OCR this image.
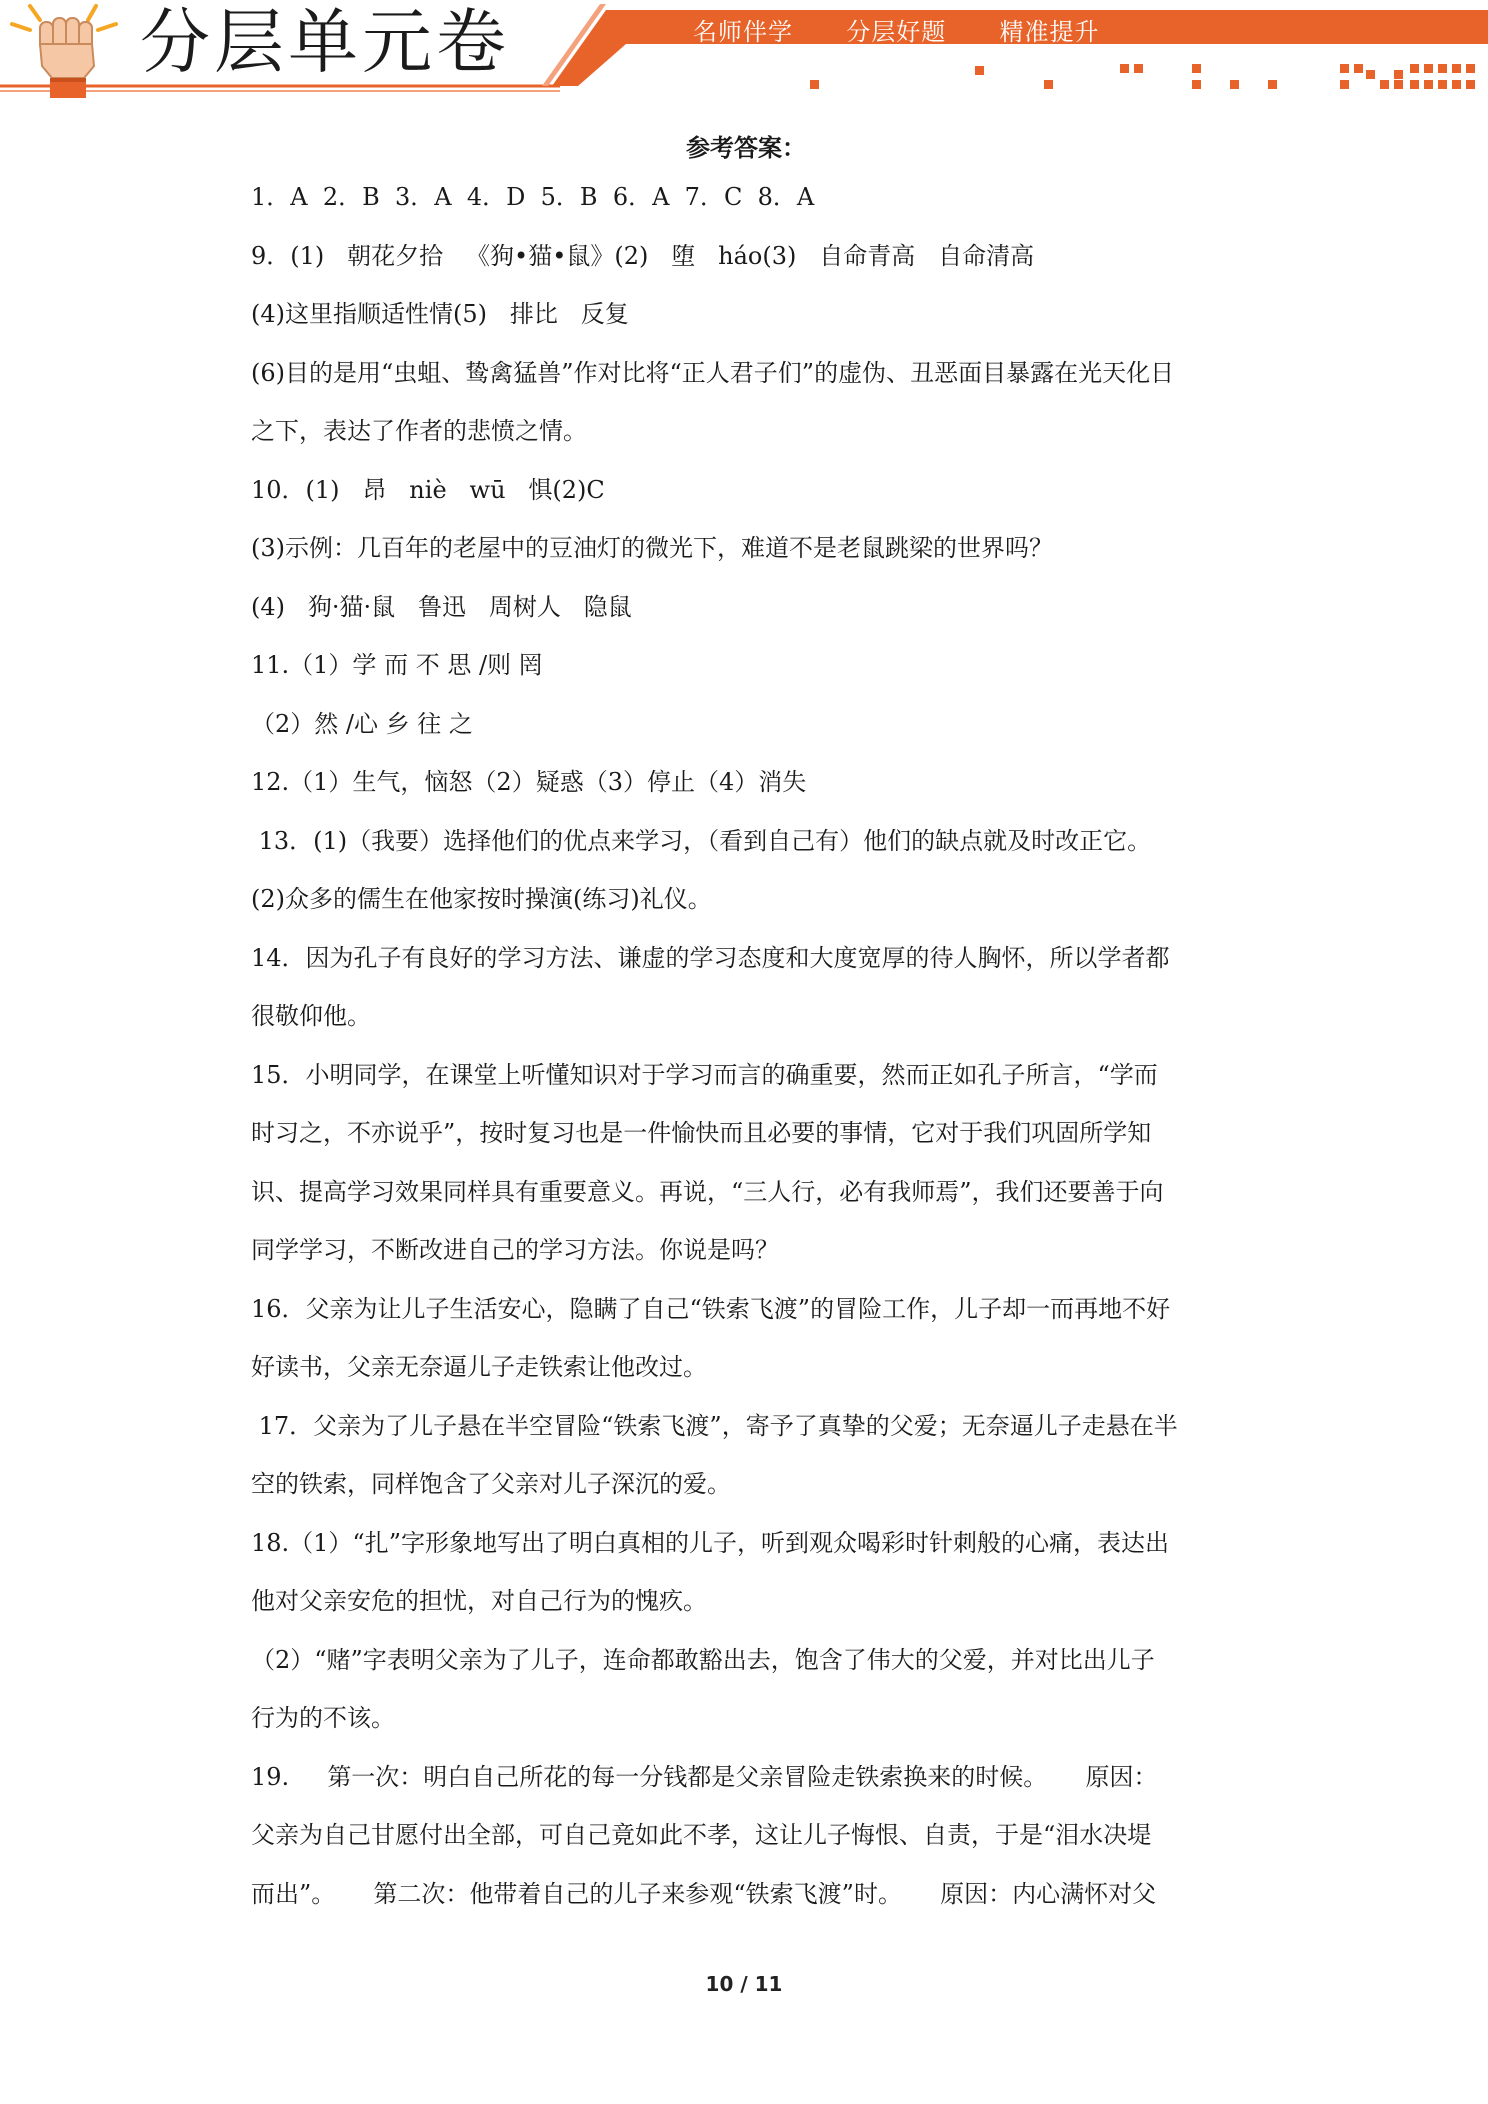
分层单元卷	名师伴学  分层好题  精准提升
参考答案：
1．A  2．B  3．A  4．D  5．B  6．A  7．C  8．A
9．(1)   朝花夕拾   《狗•猫•鼠》(2)   堕   háo(3)   自命青高   自命清高
(4)这里指顺适性情(5)   排比   反复
(6)目的是用“虫蛆、鸷禽猛兽”作对比将“正人君子们”的虚伪、丑恶面目暴露在光天化日
之下，表达了作者的悲愤之情。
10．(1)   昂   niè   wū   惧(2)C
(3)示例：几百年的老屋中的豆油灯的微光下，难道不是老鼠跳梁的世界吗？
(4)   狗·猫·鼠   鲁迅   周树人   隐鼠
11.（1）学 而 不 思 /则 罔
（2）然 /心 乡 往 之
12.（1）生气，恼怒（2）疑惑（3）停止（4）消失
13．(1)（我要）选择他们的优点来学习，（看到自己有）他们的缺点就及时改正它。
(2)众多的儒生在他家按时操演(练习)礼仪。
14．因为孔子有良好的学习方法、谦虚的学习态度和大度宽厚的待人胸怀，所以学者都
很敬仰他。
15．小明同学，在课堂上听懂知识对于学习而言的确重要，然而正如孔子所言，“学而
时习之，不亦说乎”，按时复习也是一件愉快而且必要的事情，它对于我们巩固所学知
识、提高学习效果同样具有重要意义。再说，“三人行，必有我师焉”，我们还要善于向
同学学习，不断改进自己的学习方法。你说是吗？
16．父亲为让儿子生活安心，隐瞒了自己“铁索飞渡”的冒险工作，儿子却一而再地不好
好读书，父亲无奈逼儿子走铁索让他改过。
17．父亲为了儿子悬在半空冒险“铁索飞渡”，寄予了真挚的父爱；无奈逼儿子走悬在半
空的铁索，同样饱含了父亲对儿子深沉的爱。
18.（1）“扎”字形象地写出了明白真相的儿子，听到观众喝彩时针刺般的心痛，表达出
他对父亲安危的担忧，对自己行为的愧疚。
（2）“赌”字表明父亲为了儿子，连命都敢豁出去，饱含了伟大的父爱，并对比出儿子
行为的不该。
19.     第一次：明白自己所花的每一分钱都是父亲冒险走铁索换来的时候。     原因：
父亲为自己甘愿付出全部，可自己竟如此不孝，这让儿子悔恨、自责，于是“泪水决堤
而出”。     第二次：他带着自己的儿子来参观“铁索飞渡”时。     原因：内心满怀对父
10 / 11
